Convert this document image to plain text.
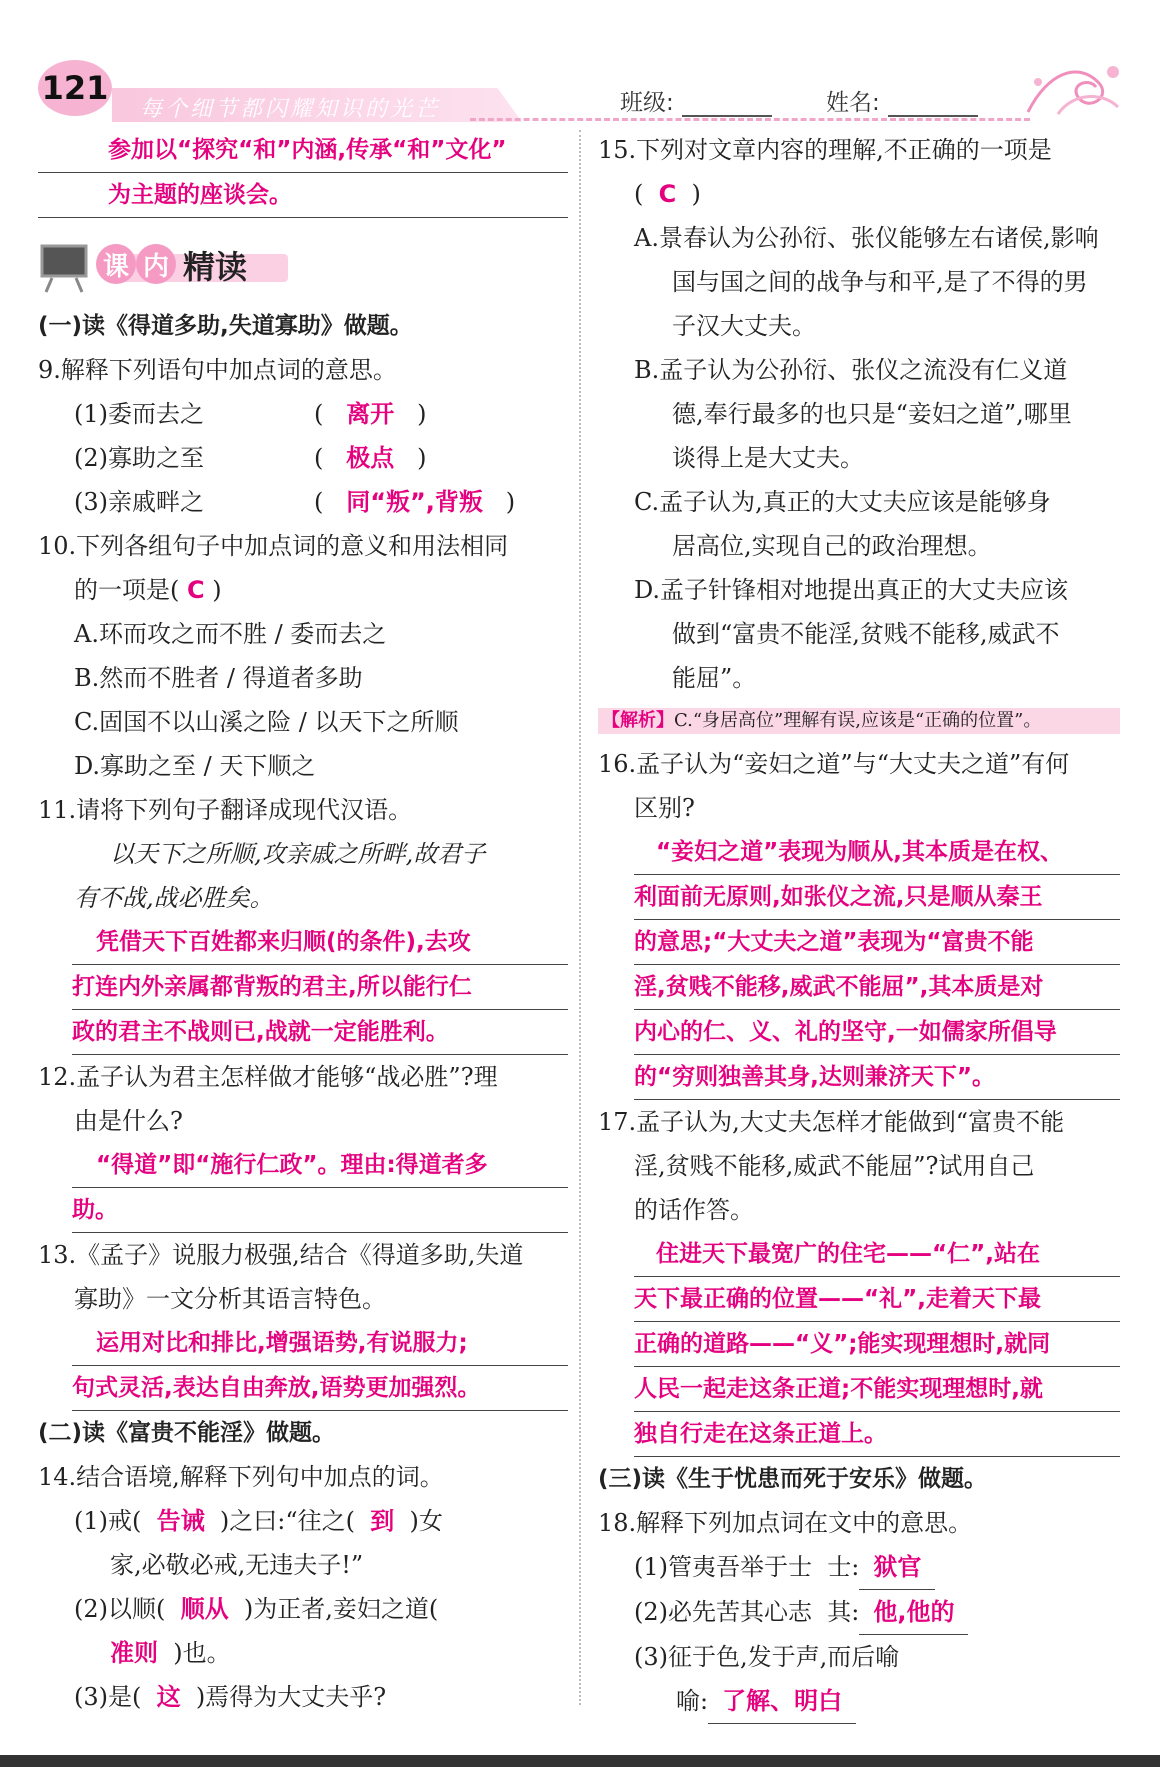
121
每个细节都闪耀知识的光芒	班级:	姓名:
参加以“探究“和”内涵,传承“和”文化”
为主题的座谈会。
课 内 精读
(一)读《得道多助,失道寡助》做题。
9.解释下列语句中加点词的意思。
(1)委而去之	(   离开   )
(2)寡助之至	(   极点   )
(3)亲戚畔之	(   同“叛”,背叛   )
10.下列各组句子中加点词的意义和用法相同
的一项是( C )
A.环而攻之而不胜 / 委而去之
B.然而不胜者 / 得道者多助
C.固国不以山溪之险 / 以天下之所顺
D.寡助之至 / 天下顺之
11.请将下列句子翻译成现代汉语。
以天下之所顺,攻亲戚之所畔,故君子
有不战,战必胜矣。
凭借天下百姓都来归顺(的条件),去攻
打连内外亲属都背叛的君主,所以能行仁
政的君主不战则已,战就一定能胜利。
12.孟子认为君主怎样做才能够“战必胜”?理
由是什么?
“得道”即“施行仁政”。理由:得道者多
助。
13.《孟子》说服力极强,结合《得道多助,失道
寡助》一文分析其语言特色。
运用对比和排比,增强语势,有说服力;
句式灵活,表达自由奔放,语势更加强烈。
(二)读《富贵不能淫》做题。
14.结合语境,解释下列句中加点的词。
(1)戒( 告诫 )之曰:“往之( 到 )女
家,必敬必戒,无违夫子!”
(2)以顺( 顺从 )为正者,妾妇之道(
准则 )也。
(3)是( 这 )焉得为大丈夫乎?
15.下列对文章内容的理解,不正确的一项是
(  C  )
A.景春认为公孙衍、张仪能够左右诸侯,影响
国与国之间的战争与和平,是了不得的男
子汉大丈夫。
B.孟子认为公孙衍、张仪之流没有仁义道
德,奉行最多的也只是“妾妇之道”,哪里
谈得上是大丈夫。
C.孟子认为,真正的大丈夫应该是能够身
居高位,实现自己的政治理想。
D.孟子针锋相对地提出真正的大丈夫应该
做到“富贵不能淫,贫贱不能移,威武不
能屈”。
【解析】C.“身居高位”理解有误,应该是“正确的位置”。
16.孟子认为“妾妇之道”与“大丈夫之道”有何
区别?
“妾妇之道”表现为顺从,其本质是在权、
利面前无原则,如张仪之流,只是顺从秦王
的意思;“大丈夫之道”表现为“富贵不能
淫,贫贱不能移,威武不能屈”,其本质是对
内心的仁、义、礼的坚守,一如儒家所倡导
的“穷则独善其身,达则兼济天下”。
17.孟子认为,大丈夫怎样才能做到“富贵不能
淫,贫贱不能移,威武不能屈”?试用自己
的话作答。
住进天下最宽广的住宅——“仁”,站在
天下最正确的位置——“礼”,走着天下最
正确的道路——“义”;能实现理想时,就同
人民一起走这条正道;不能实现理想时,就
独自行走在这条正道上。
(三)读《生于忧患而死于安乐》做题。
18.解释下列加点词在文中的意思。
(1)管夷吾举于士 士: 狱官
(2)必先苦其心志 其: 他,他的
(3)征于色,发于声,而后喻
喻: 了解、明白
